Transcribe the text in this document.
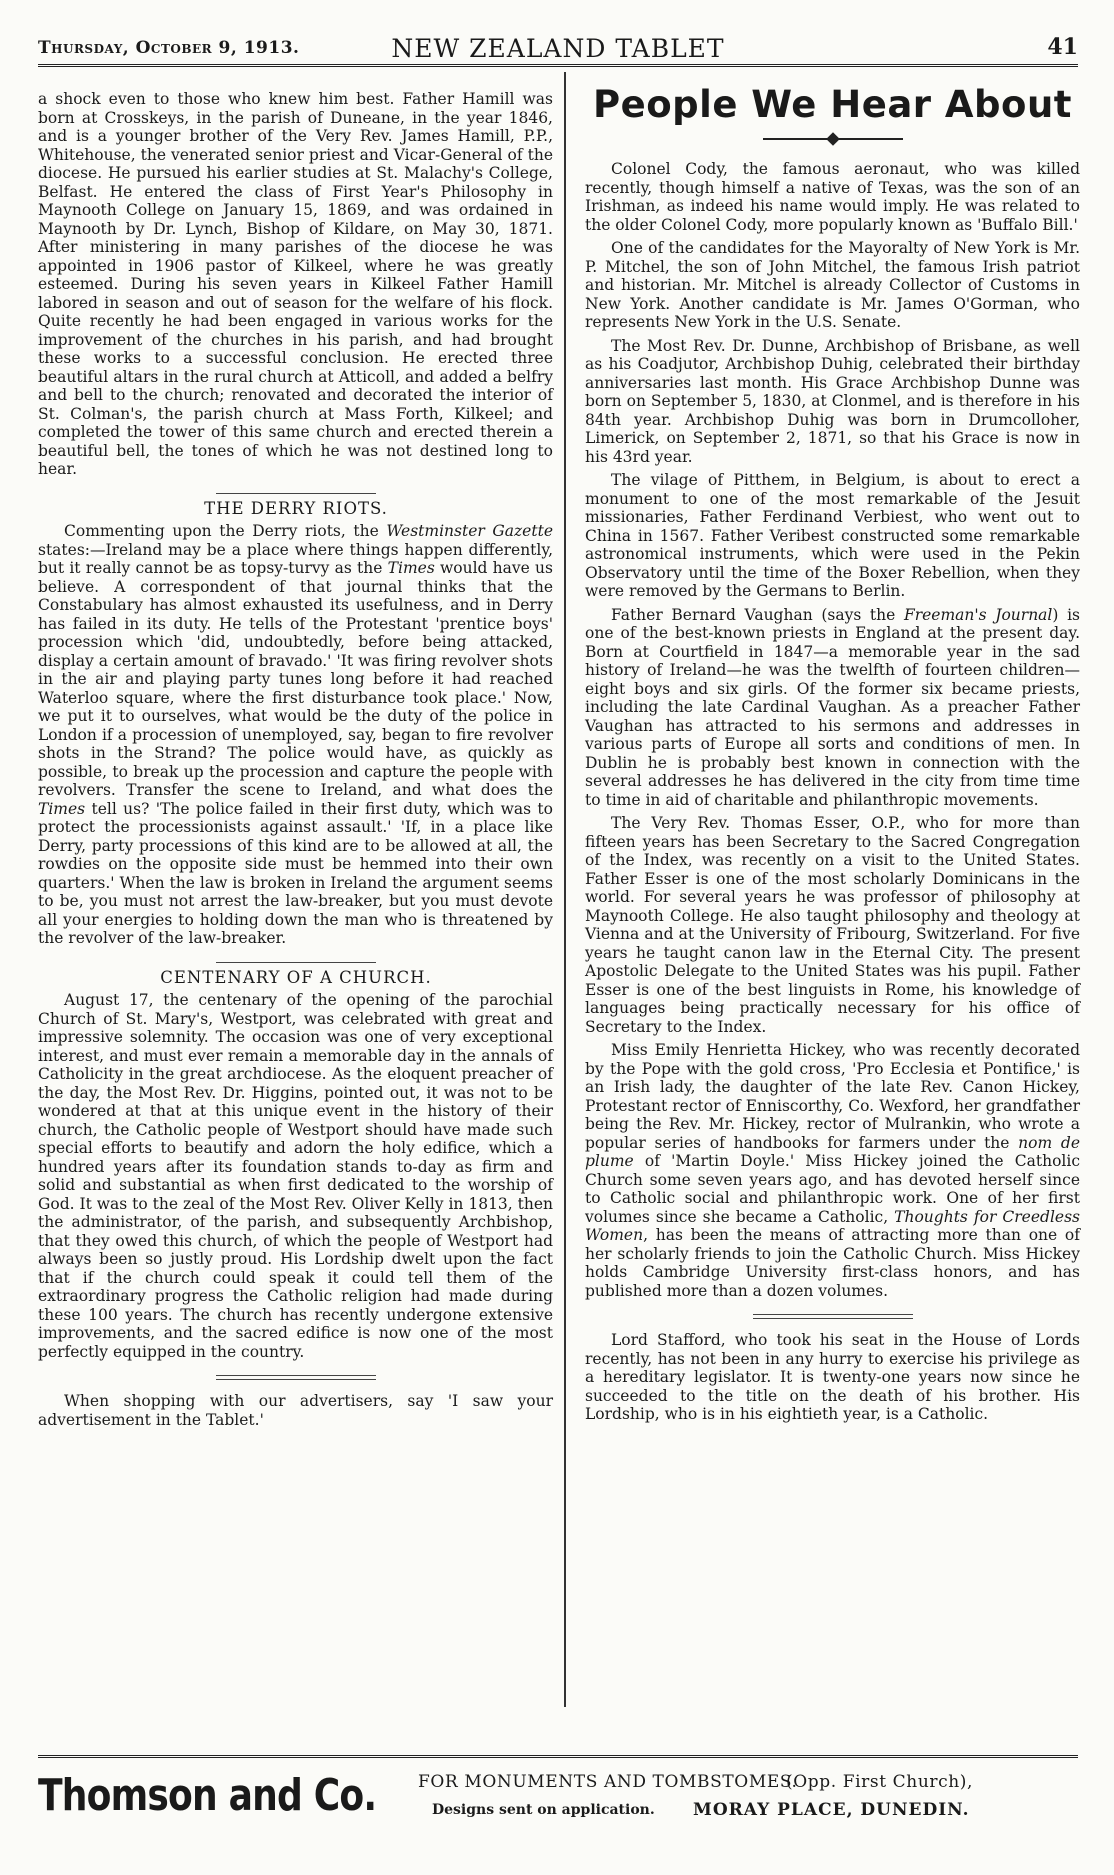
Thursday, October 9, 1913.	NEW ZEALAND TABLET	41

a shock even to those who knew him best. Father Hamill was born at Crosskeys, in the parish of Duneane, in the year 1846, and is a younger brother of the Very Rev. James Hamill, P.P., Whitehouse, the venerated senior priest and Vicar-General of the diocese. He pursued his earlier studies at St. Malachy's College, Belfast. He entered the class of First Year's Philosophy in Maynooth College on January 15, 1869, and was ordained in Maynooth by Dr. Lynch, Bishop of Kildare, on May 30, 1871. After ministering in many parishes of the diocese he was appointed in 1906 pastor of Kilkeel, where he was greatly esteemed. During his seven years in Kilkeel Father Hamill labored in season and out of season for the welfare of his flock. Quite recently he had been engaged in various works for the improvement of the churches in his parish, and had brought these works to a successful conclusion. He erected three beautiful altars in the rural church at Atticoll, and added a belfry and bell to the church; renovated and decorated the interior of St. Colman's, the parish church at Mass Forth, Kilkeel; and completed the tower of this same church and erected therein a beautiful bell, the tones of which he was not destined long to hear.

THE DERRY RIOTS.

Commenting upon the Derry riots, the Westminster Gazette states:—Ireland may be a place where things happen differently, but it really cannot be as topsy-turvy as the Times would have us believe. A correspondent of that journal thinks that the Constabulary has almost exhausted its usefulness, and in Derry has failed in its duty. He tells of the Protestant 'prentice boys' procession which 'did, undoubtedly, before being attacked, display a certain amount of bravado.' 'It was firing revolver shots in the air and playing party tunes long before it had reached Waterloo square, where the first disturbance took place.' Now, we put it to ourselves, what would be the duty of the police in London if a procession of unemployed, say, began to fire revolver shots in the Strand? The police would have, as quickly as possible, to break up the procession and capture the people with revolvers. Transfer the scene to Ireland, and what does the Times tell us? 'The police failed in their first duty, which was to protect the processionists against assault.' 'If, in a place like Derry, party processions of this kind are to be allowed at all, the rowdies on the opposite side must be hemmed into their own quarters.' When the law is broken in Ireland the argument seems to be, you must not arrest the law-breaker, but you must devote all your energies to holding down the man who is threatened by the revolver of the law-breaker.

CENTENARY OF A CHURCH.

August 17, the centenary of the opening of the parochial Church of St. Mary's, Westport, was celebrated with great and impressive solemnity. The occasion was one of very exceptional interest, and must ever remain a memorable day in the annals of Catholicity in the great archdiocese. As the eloquent preacher of the day, the Most Rev. Dr. Higgins, pointed out, it was not to be wondered at that at this unique event in the history of their church, the Catholic people of Westport should have made such special efforts to beautify and adorn the holy edifice, which a hundred years after its foundation stands to-day as firm and solid and substantial as when first dedicated to the worship of God. It was to the zeal of the Most Rev. Oliver Kelly in 1813, then the administrator, of the parish, and subsequently Archbishop, that they owed this church, of which the people of Westport had always been so justly proud. His Lordship dwelt upon the fact that if the church could speak it could tell them of the extraordinary progress the Catholic religion had made during these 100 years. The church has recently undergone extensive improvements, and the sacred edifice is now one of the most perfectly equipped in the country.

When shopping with our advertisers, say 'I saw your advertisement in the Tablet.'

People We Hear About

Colonel Cody, the famous aeronaut, who was killed recently, though himself a native of Texas, was the son of an Irishman, as indeed his name would imply. He was related to the older Colonel Cody, more popularly known as 'Buffalo Bill.'

One of the candidates for the Mayoralty of New York is Mr. P. Mitchel, the son of John Mitchel, the famous Irish patriot and historian. Mr. Mitchel is already Collector of Customs in New York. Another candidate is Mr. James O'Gorman, who represents New York in the U.S. Senate.

The Most Rev. Dr. Dunne, Archbishop of Brisbane, as well as his Coadjutor, Archbishop Duhig, celebrated their birthday anniversaries last month. His Grace Archbishop Dunne was born on September 5, 1830, at Clonmel, and is therefore in his 84th year. Archbishop Duhig was born in Drumcolloher, Limerick, on September 2, 1871, so that his Grace is now in his 43rd year.

The vilage of Pitthem, in Belgium, is about to erect a monument to one of the most remarkable of the Jesuit missionaries, Father Ferdinand Verbiest, who went out to China in 1567. Father Veribest constructed some remarkable astronomical instruments, which were used in the Pekin Observatory until the time of the Boxer Rebellion, when they were removed by the Germans to Berlin.

Father Bernard Vaughan (says the Freeman's Journal) is one of the best-known priests in England at the present day. Born at Courtfield in 1847—a memorable year in the sad history of Ireland—he was the twelfth of fourteen children—eight boys and six girls. Of the former six became priests, including the late Cardinal Vaughan. As a preacher Father Vaughan has attracted to his sermons and addresses in various parts of Europe all sorts and conditions of men. In Dublin he is probably best known in connection with the several addresses he has delivered in the city from time time to time in aid of charitable and philanthropic movements.

The Very Rev. Thomas Esser, O.P., who for more than fifteen years has been Secretary to the Sacred Congregation of the Index, was recently on a visit to the United States. Father Esser is one of the most scholarly Dominicans in the world. For several years he was professor of philosophy at Maynooth College. He also taught philosophy and theology at Vienna and at the University of Fribourg, Switzerland. For five years he taught canon law in the Eternal City. The present Apostolic Delegate to the United States was his pupil. Father Esser is one of the best linguists in Rome, his knowledge of languages being practically necessary for his office of Secretary to the Index.

Miss Emily Henrietta Hickey, who was recently decorated by the Pope with the gold cross, 'Pro Ecclesia et Pontifice,' is an Irish lady, the daughter of the late Rev. Canon Hickey, Protestant rector of Enniscorthy, Co. Wexford, her grandfather being the Rev. Mr. Hickey, rector of Mulrankin, who wrote a popular series of handbooks for farmers under the nom de plume of 'Martin Doyle.' Miss Hickey joined the Catholic Church some seven years ago, and has devoted herself since to Catholic social and philanthropic work. One of her first volumes since she became a Catholic, Thoughts for Creedless Women, has been the means of attracting more than one of her scholarly friends to join the Catholic Church. Miss Hickey holds Cambridge University first-class honors, and has published more than a dozen volumes.

Lord Stafford, who took his seat in the House of Lords recently, has not been in any hurry to exercise his privilege as a hereditary legislator. It is twenty-one years now since he succeeded to the title on the death of his brother. His Lordship, who is in his eightieth year, is a Catholic.

Thomson and Co. FOR MONUMENTS AND TOMBSTOMES.
(Opp. First Church),
Designs sent on application. MORAY PLACE, DUNEDIN.
